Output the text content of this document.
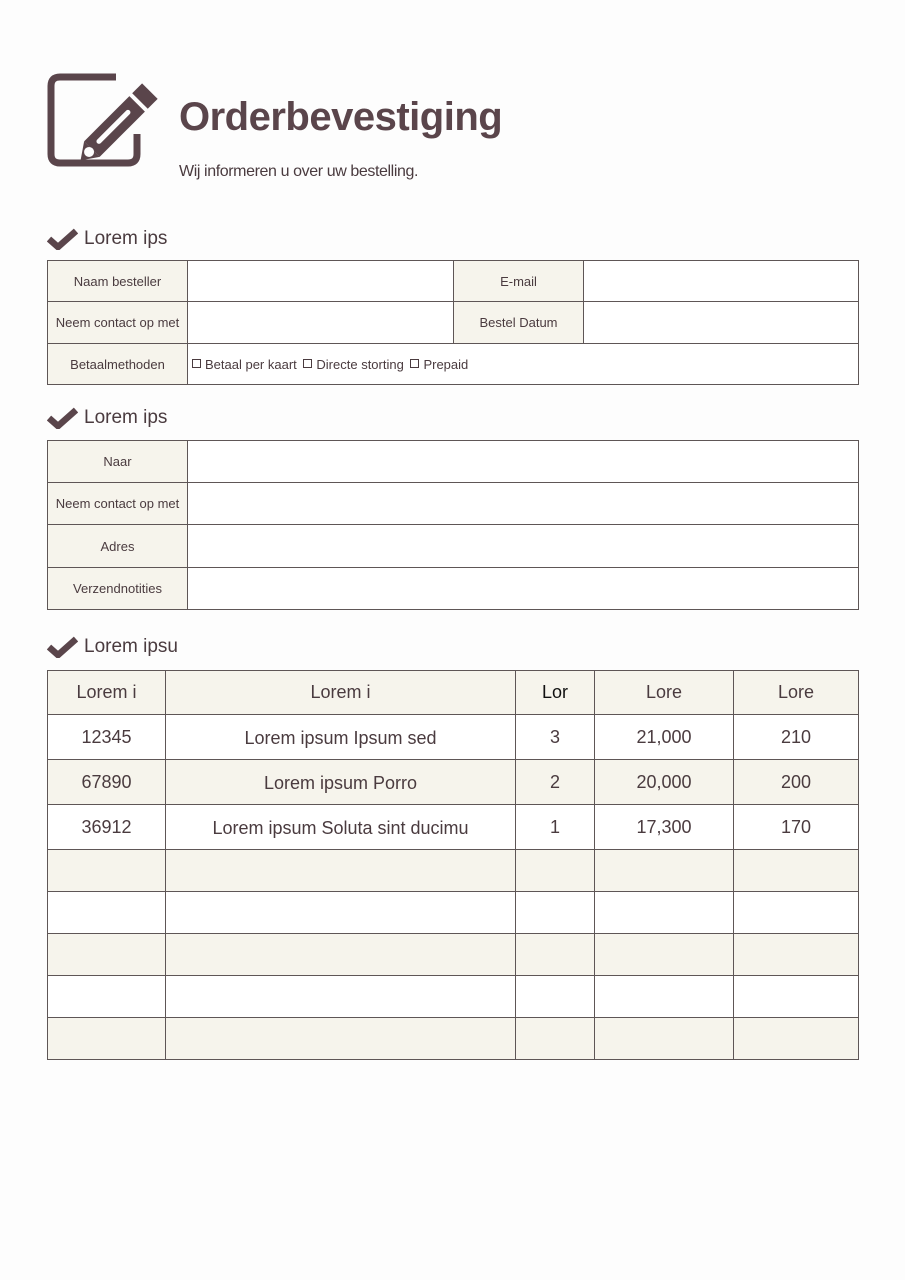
Orderbevestiging

Wij informeren u over uw bestelling.

Lorem ips
Naam besteller		E-mail	
Neem contact op met		Bestel Datum	
Betaalmethoden	Betaal per kaart Directe storting Prepaid		
Lorem ips
Naar	
Neem contact op met	
Adres	
Verzendnotities	
Lorem ipsu
Lorem i	Lorem i	Lor	Lore	Lore
12345	Lorem ipsum Ipsum sed	3	21,000	210
67890	Lorem ipsum Porro	2	20,000	200
36912	Lorem ipsum Soluta sint ducimu	1	17,300	170
